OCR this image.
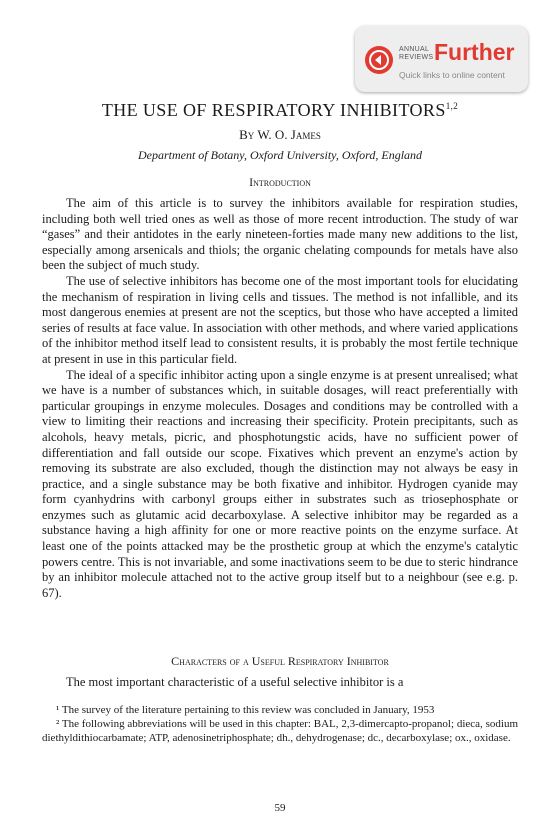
ANNUAL
REVIEWS Further
Quick links to online content
THE USE OF RESPIRATORY INHIBITORS$^{1,2}$
By W. O. James
Department of Botany, Oxford University, Oxford, England
Introduction

The aim of this article is to survey the inhibitors available for respiration studies, including both well tried ones as well as those of more recent introduction. The study of war “gases” and their antidotes in the early nineteen-forties made many new additions to the list, especially among arsenicals and thiols; the organic chelating compounds for metals have also been the subject of much study.

The use of selective inhibitors has become one of the most important tools for elucidating the mechanism of respiration in living cells and tissues. The method is not infallible, and its most dangerous enemies at present are not the sceptics, but those who have accepted a limited series of results at face value. In association with other methods, and where varied applications of the inhibitor method itself lead to consistent results, it is probably the most fertile technique at present in use in this particular field.

The ideal of a specific inhibitor acting upon a single enzyme is at present unrealised; what we have is a number of substances which, in suitable dosages, will react preferentially with particular groupings in enzyme molecules. Dosages and conditions may be controlled with a view to limiting their reactions and increasing their specificity. Protein precipitants, such as alcohols, heavy metals, picric, and phosphotungstic acids, have no sufficient power of differentiation and fall outside our scope. Fixatives which prevent an enzyme's action by removing its substrate are also excluded, though the distinction may not always be easy in practice, and a single substance may be both fixative and inhibitor. Hydrogen cyanide may form cyanhydrins with carbonyl groups either in substrates such as triosephosphate or enzymes such as glutamic acid decarboxylase. A selective inhibitor may be regarded as a substance having a high affinity for one or more reactive points on the enzyme surface. At least one of the points attacked may be the prosthetic group at which the enzyme's catalytic powers centre. This is not invariable, and some inactivations seem to be due to steric hindrance by an inhibitor molecule attached not to the active group itself but to a neighbour (see e.g. p. 67).

Characters of a Useful Respiratory Inhibitor

The most important characteristic of a useful selective inhibitor is a

¹ The survey of the literature pertaining to this review was concluded in January, 1953

² The following abbreviations will be used in this chapter: BAL, 2,3-dimercapto-propanol; dieca, sodium diethyldithiocarbamate; ATP, adenosinetriphosphate; dh., dehydrogenase; dc., decarboxylase; ox., oxidase.

59
